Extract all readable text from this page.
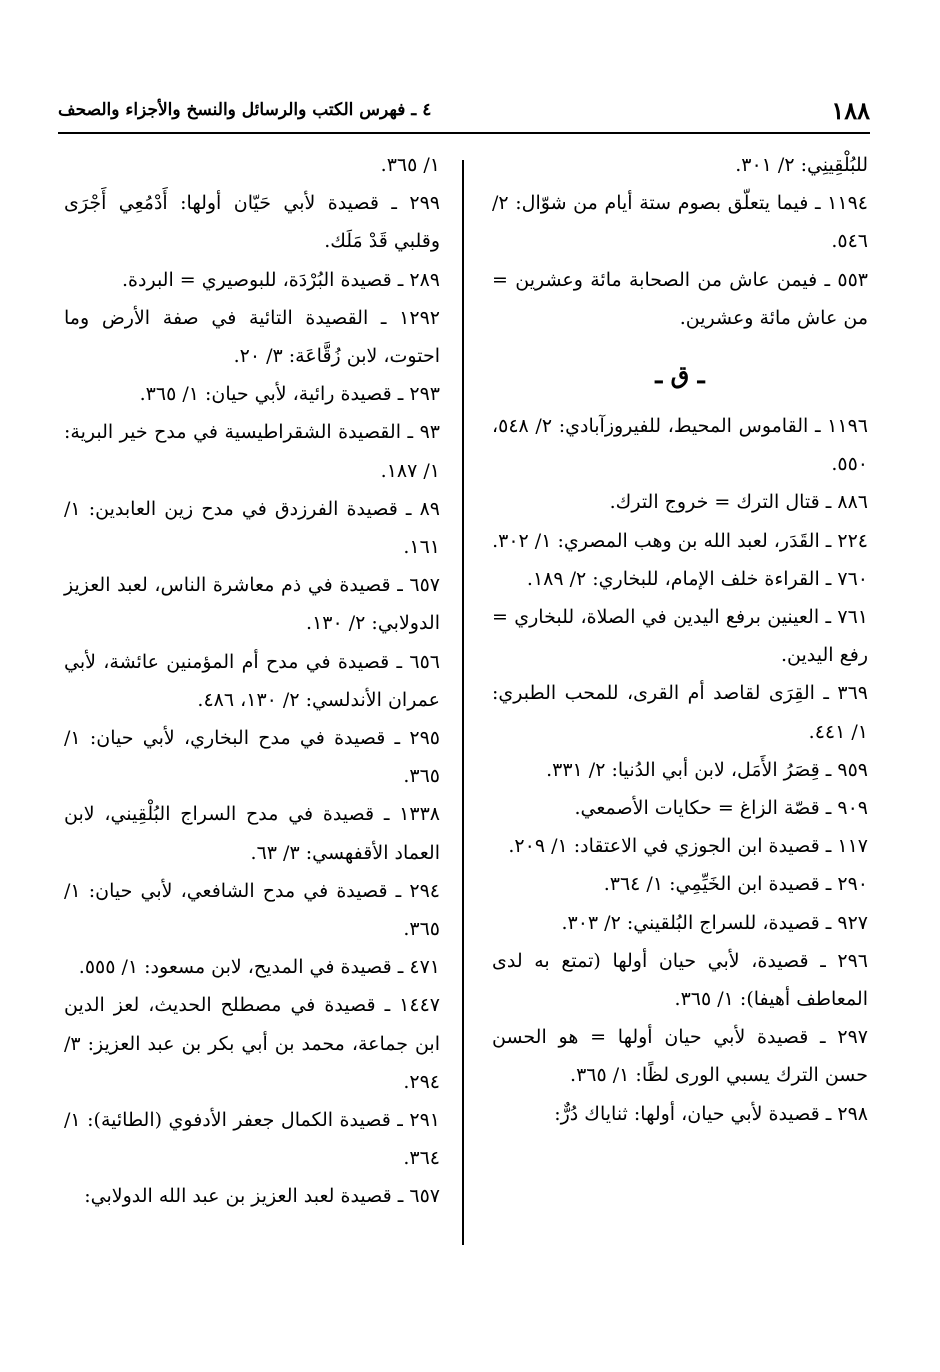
١٨٨
٤ ـ فهرس الكتب والرسائل والنسخ والأجزاء والصحف
للبُلْقِينِي: ٢/ ٣٠١.
١١٩٤ ـ فيما يتعلّق بصوم ستة أيام من شوّال: ٢/ ٥٤٦.
٥٥٣ ـ فيمن عاش من الصحابة مائة وعشرين = من عاش مائة وعشرين.
ـ ق ـ
١١٩٦ ـ القاموس المحيط، للفيروزآبادي: ٢/ ٥٤٨، ٥٥٠.
٨٨٦ ـ قتال الترك = خروج الترك.
٢٢٤ ـ القَدَر، لعبد الله بن وهب المصري: ١/ ٣٠٢.
٧٦٠ ـ القراءة خلف الإمام، للبخاري: ٢/ ١٨٩.
٧٦١ ـ العينين برفع اليدين في الصلاة، للبخاري = رفع اليدين.
٣٦٩ ـ القِرَى لقاصد أم القرى، للمحب الطبري: ١/ ٤٤١.
٩٥٩ ـ قِصَرُ الأَمَل، لابن أبي الدُنيا: ٢/ ٣٣١.
٩٠٩ ـ قصّة الزاغ = حكايات الأصمعي.
١١٧ ـ قصيدة ابن الجوزي في الاعتقاد: ١/ ٢٠٩.
٢٩٠ ـ قصيدة ابن الخَيِّمِي: ١/ ٣٦٤.
٩٢٧ ـ قصيدة، للسراج البُلقيني: ٢/ ٣٠٣.
٢٩٦ ـ قصيدة، لأبي حيان أولها (تمتع به لدى المعاطف أهيفا): ١/ ٣٦٥.
٢٩٧ ـ قصيدة لأبي حيان أولها = هو الحسن حسن الترك يسبي الورى لظًا: ١/ ٣٦٥.
٢٩٨ ـ قصيدة لأبي حيان، أولها: ثناياك دُرٌّ:
١/ ٣٦٥.
٢٩٩ ـ قصيدة لأبي حَيّان أولها: أَدْمُعِي أَجْرَى وقلبي قَدْ مَلَك.
٢٨٩ ـ قصيدة البُرْدَة، للبوصيري = البردة.
١٢٩٢ ـ القصيدة التائية في صفة الأرض وما احتوت، لابن زُقَّاعَة: ٣/ ٢٠.
٢٩٣ ـ قصيدة رائية، لأبي حيان: ١/ ٣٦٥.
٩٣ ـ القصيدة الشقراطيسية في مدح خير البرية: ١/ ١٨٧.
٨٩ ـ قصيدة الفرزدق في مدح زين العابدين: ١/ ١٦١.
٦٥٧ ـ قصيدة في ذم معاشرة الناس، لعبد العزيز الدولابي: ٢/ ١٣٠.
٦٥٦ ـ قصيدة في مدح أم المؤمنين عائشة، لأبي عمران الأندلسي: ٢/ ١٣٠، ٤٨٦.
٢٩٥ ـ قصيدة في مدح البخاري، لأبي حيان: ١/ ٣٦٥.
١٣٣٨ ـ قصيدة في مدح السراج البُلْقِيني، لابن العماد الأقفهسي: ٣/ ٦٣.
٢٩٤ ـ قصيدة في مدح الشافعي، لأبي حيان: ١/ ٣٦٥.
٤٧١ ـ قصيدة في المديح، لابن مسعود: ١/ ٥٥٥.
١٤٤٧ ـ قصيدة في مصطلح الحديث، لعز الدين ابن جماعة، محمد بن أبي بكر بن عبد العزيز: ٣/ ٢٩٤.
٢٩١ ـ قصيدة الكمال جعفر الأدفوي (الطائية): ١/ ٣٦٤.
٦٥٧ ـ قصيدة لعبد العزيز بن عبد الله الدولابي:
